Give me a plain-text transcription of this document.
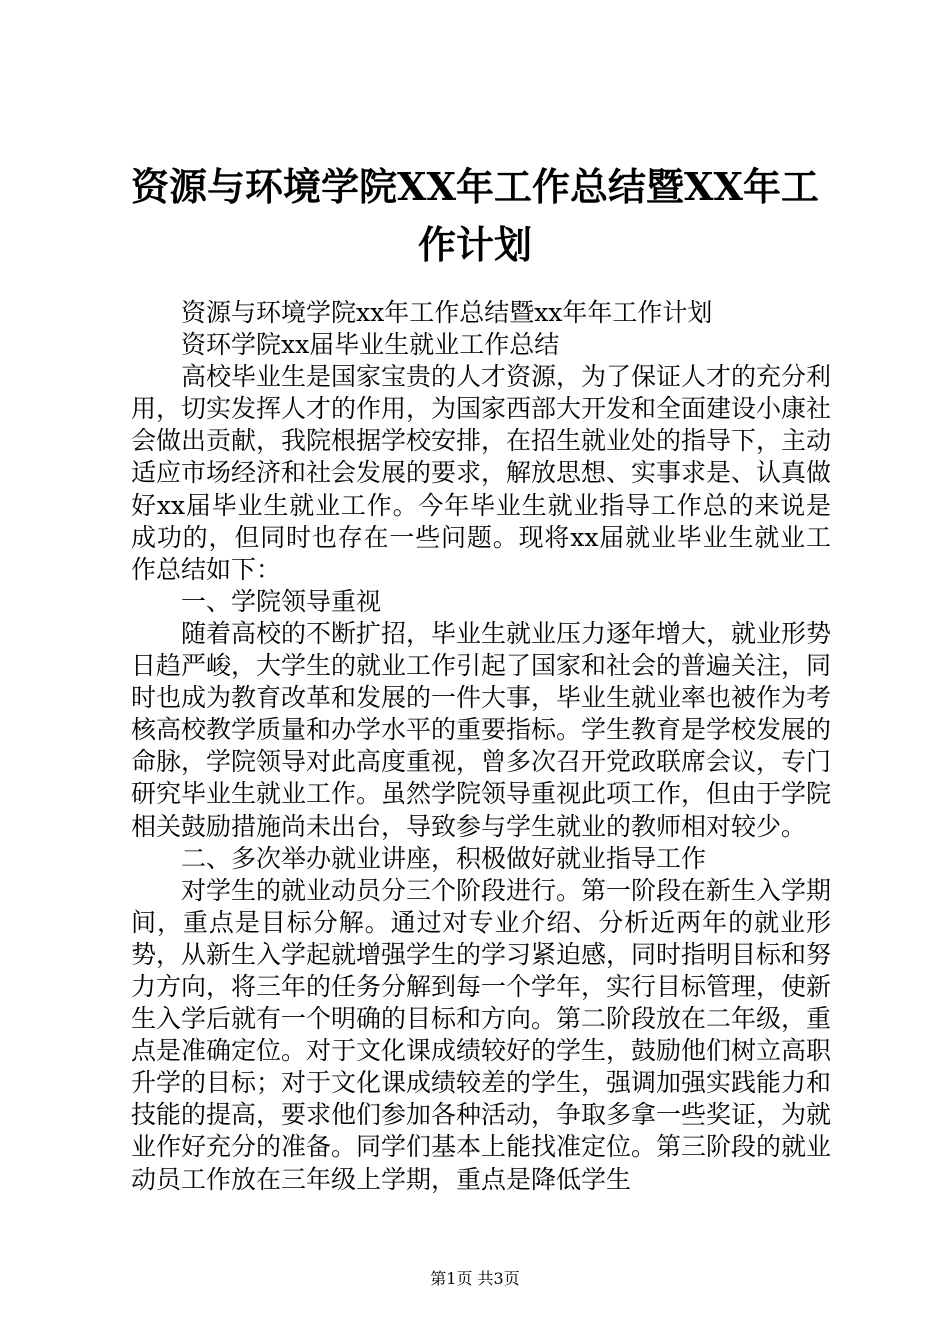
资源与环境学院XX年工作总结暨XX年工作计划

资源与环境学院xx年工作总结暨xx年年工作计划

资环学院xx届毕业生就业工作总结

高校毕业生是国家宝贵的人才资源，为了保证人才的充分利用，切实发挥人才的作用，为国家西部大开发和全面建设小康社会做出贡献，我院根据学校安排，在招生就业处的指导下，主动适应市场经济和社会发展的要求，解放思想、实事求是、认真做好xx届毕业生就业工作。今年毕业生就业指导工作总的来说是成功的，但同时也存在一些问题。现将xx届就业毕业生就业工作总结如下：

一、学院领导重视

随着高校的不断扩招，毕业生就业压力逐年增大，就业形势日趋严峻，大学生的就业工作引起了国家和社会的普遍关注，同时也成为教育改革和发展的一件大事，毕业生就业率也被作为考核高校教学质量和办学水平的重要指标。学生教育是学校发展的命脉，学院领导对此高度重视，曾多次召开党政联席会议，专门研究毕业生就业工作。虽然学院领导重视此项工作，但由于学院相关鼓励措施尚未出台，导致参与学生就业的教师相对较少。

二、多次举办就业讲座，积极做好就业指导工作

对学生的就业动员分三个阶段进行。第一阶段在新生入学期间，重点是目标分解。通过对专业介绍、分析近两年的就业形势，从新生入学起就增强学生的学习紧迫感，同时指明目标和努力方向，将三年的任务分解到每一个学年，实行目标管理，使新生入学后就有一个明确的目标和方向。第二阶段放在二年级，重点是准确定位。对于文化课成绩较好的学生，鼓励他们树立高职升学的目标；对于文化课成绩较差的学生，强调加强实践能力和技能的提高，要求他们参加各种活动，争取多拿一些奖证，为就业作好充分的准备。同学们基本上能找准定位。第三阶段的就业动员工作放在三年级上学期，重点是降低学生

第1页 共3页
